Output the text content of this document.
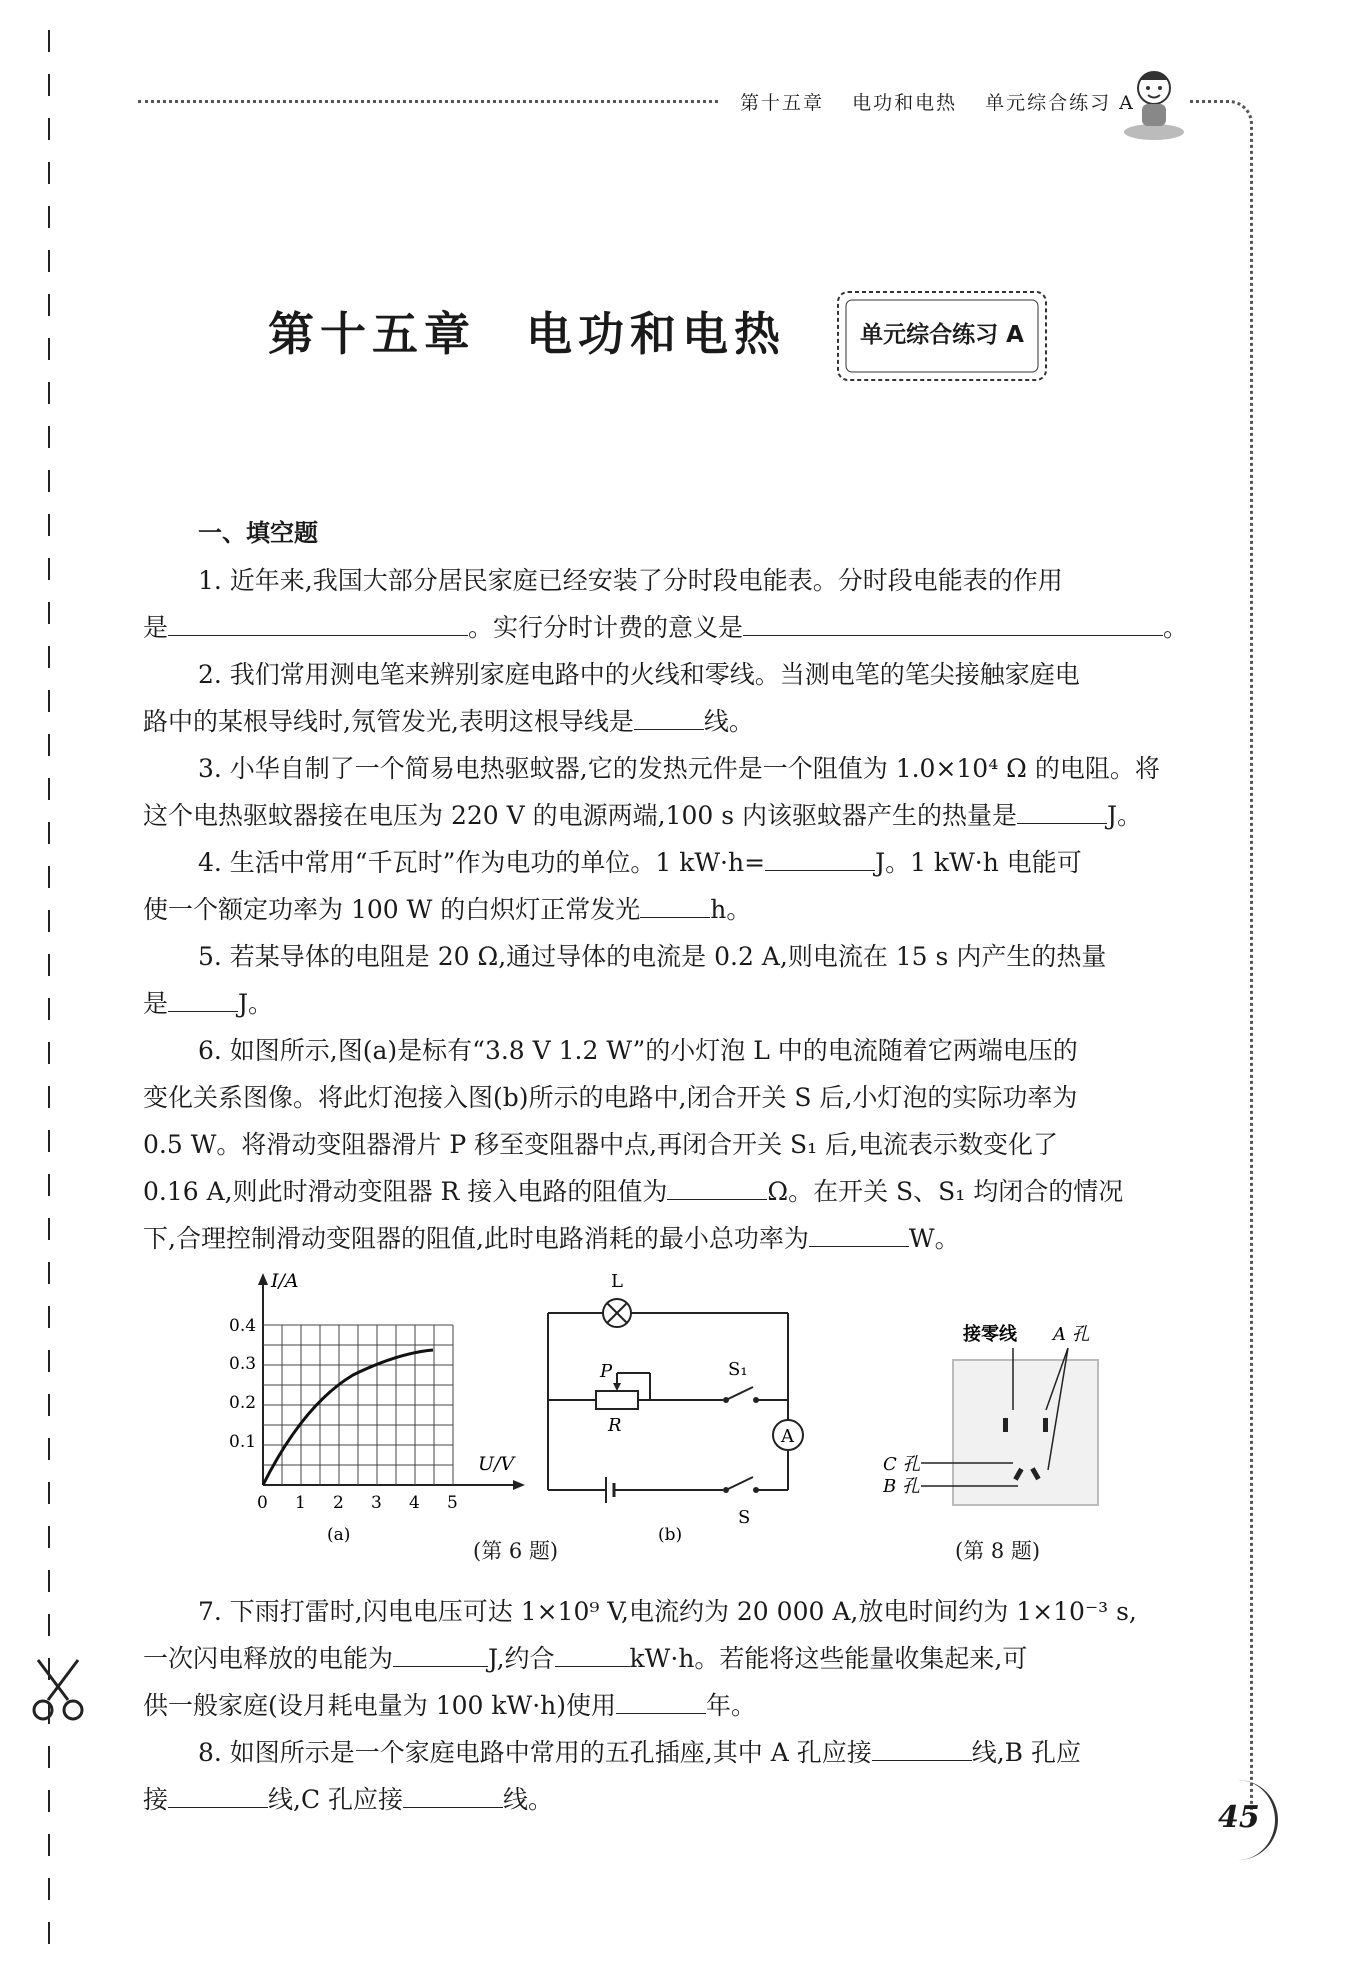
第十五章 电功和电热 单元综合练习 A
第十五章 电功和电热	单元综合练习 A
一、填空题
1. 近年来,我国大部分居民家庭已经安装了分时段电能表。分时段电能表的作用
是	。实行分时计费的意义是	。
2. 我们常用测电笔来辨别家庭电路中的火线和零线。当测电笔的笔尖接触家庭电
路中的某根导线时,氖管发光,表明这根导线是	线。
3. 小华自制了一个简易电热驱蚊器,它的发热元件是一个阻值为 1.0×10⁴ Ω 的电阻。将
这个电热驱蚊器接在电压为 220 V 的电源两端,100 s 内该驱蚊器产生的热量是	J。
4. 生活中常用“千瓦时”作为电功的单位。1 kW·h=	J。1 kW·h 电能可
使一个额定功率为 100 W 的白炽灯正常发光	h。
5. 若某导体的电阻是 20 Ω,通过导体的电流是 0.2 A,则电流在 15 s 内产生的热量
是	J。
6. 如图所示,图(a)是标有“3.8 V 1.2 W”的小灯泡 L 中的电流随着它两端电压的
变化关系图像。将此灯泡接入图(b)所示的电路中,闭合开关 S 后,小灯泡的实际功率为
0.5 W。将滑动变阻器滑片 P 移至变阻器中点,再闭合开关 S₁ 后,电流表示数变化了
0.16 A,则此时滑动变阻器 R 接入电路的阻值为	Ω。在开关 S、S₁ 均闭合的情况
下,合理控制滑动变阻器的阻值,此时电路消耗的最小总功率为	W。
I/A
U/V
0.4
0.3
0.2
0.1
0 1 2 3 4 5
(a)
L
P
R
S₁
A
S
(b)
(第 6 题)
接零线 A 孔
C 孔
B 孔
(第 8 题)
7. 下雨打雷时,闪电电压可达 1×10⁹ V,电流约为 20 000 A,放电时间约为 1×10⁻³ s,
一次闪电释放的电能为	J,约合	kW·h。若能将这些能量收集起来,可
供一般家庭(设月耗电量为 100 kW·h)使用	年。
8. 如图所示是一个家庭电路中常用的五孔插座,其中 A 孔应接	线,B 孔应
接	线,C 孔应接	线。
45
